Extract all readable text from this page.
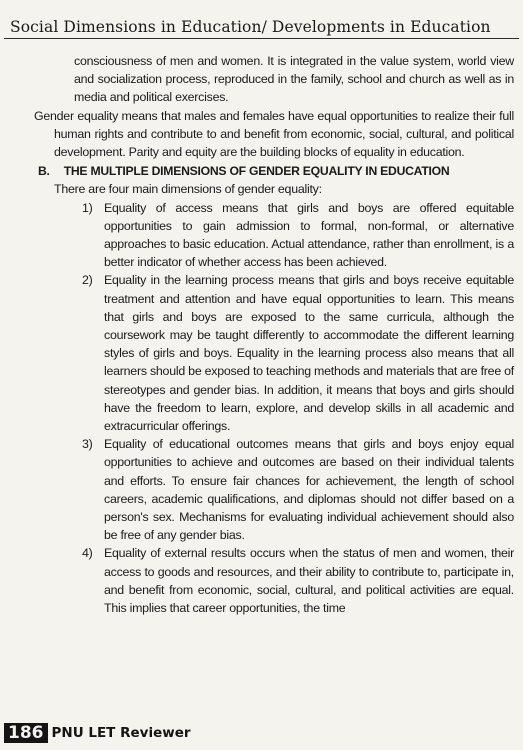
Social Dimensions in Education/ Developments in Education

consciousness of men and women. It is integrated in the value system, world view and socialization process, reproduced in the family, school and church as well as in media and political exercises.

Gender equality means that males and females have equal opportunities to realize their full human rights and contribute to and benefit from economic, social, cultural, and political development. Parity and equity are the building blocks of equality in education.

B. THE MULTIPLE DIMENSIONS OF GENDER EQUALITY IN EDUCATION

There are four main dimensions of gender equality:

1) Equality of access means that girls and boys are offered equitable opportunities to gain admission to formal, non-formal, or alternative approaches to basic education. Actual attendance, rather than enrollment, is a better indicator of whether access has been achieved.
2) Equality in the learning process means that girls and boys receive equitable treatment and attention and have equal opportunities to learn. This means that girls and boys are exposed to the same curricula, although the coursework may be taught differently to accommodate the different learning styles of girls and boys. Equality in the learning process also means that all learners should be exposed to teaching methods and materials that are free of stereotypes and gender bias. In addition, it means that boys and girls should have the freedom to learn, explore, and develop skills in all academic and extracurricular offerings.
3) Equality of educational outcomes means that girls and boys enjoy equal opportunities to achieve and outcomes are based on their individual talents and efforts. To ensure fair chances for achievement, the length of school careers, academic qualifications, and diplomas should not differ based on a person's sex. Mechanisms for evaluating individual achievement should also be free of any gender bias.
4) Equality of external results occurs when the status of men and women, their access to goods and resources, and their ability to contribute to, participate in, and benefit from economic, social, cultural, and political activities are equal. This implies that career opportunities, the time
186 PNU LET Reviewer
